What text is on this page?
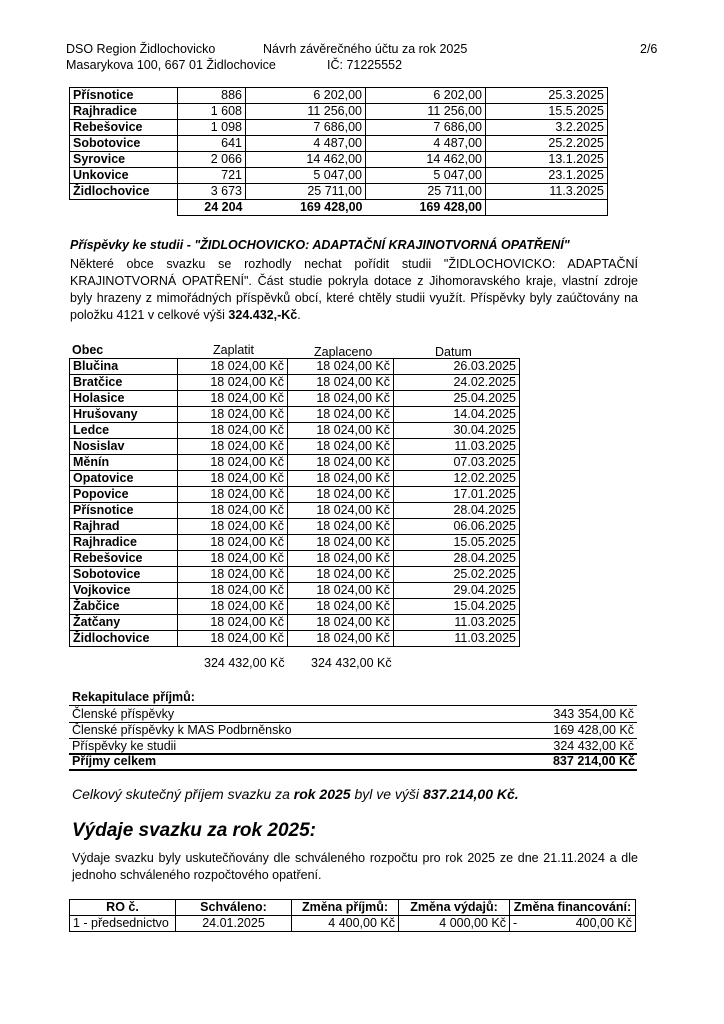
DSO Region Židlochovicko	Návrh závěrečného účtu za rok 2025	2/6
Masarykova 100, 667 01 Židlochovice	IČ: 71225552
Přísnotice	886	6 202,00	6 202,00	25.3.2025
Rajhradice	1 608	11 256,00	11 256,00	15.5.2025
Rebešovice	1 098	7 686,00	7 686,00	3.2.2025
Sobotovice	641	4 487,00	4 487,00	25.2.2025
Syrovice	2 066	14 462,00	14 462,00	13.1.2025
Unkovice	721	5 047,00	5 047,00	23.1.2025
Židlochovice	3 673	25 711,00	25 711,00	11.3.2025
	24 204	169 428,00	169 428,00	
Příspěvky ke studii - "ŽIDLOCHOVICKO: ADAPTAČNÍ KRAJINOTVORNÁ OPATŘENÍ"
Některé obce svazku se rozhodly nechat pořídit studii "ŽIDLOCHOVICKO: ADAPTAČNÍ KRAJINOTVORNÁ OPATŘENÍ". Část studie pokryla dotace z Jihomoravského kraje, vlastní zdroje byly hrazeny z mimořádných příspěvků obcí, které chtěly studii využít. Příspěvky byly zaúčtovány na položku 4121 v celkové výši 324.432,-Kč.
Obec	Zaplatit	Zaplaceno	Datum
Blučina	18 024,00 Kč	18 024,00 Kč	26.03.2025
Bratčice	18 024,00 Kč	18 024,00 Kč	24.02.2025
Holasice	18 024,00 Kč	18 024,00 Kč	25.04.2025
Hrušovany	18 024,00 Kč	18 024,00 Kč	14.04.2025
Ledce	18 024,00 Kč	18 024,00 Kč	30.04.2025
Nosislav	18 024,00 Kč	18 024,00 Kč	11.03.2025
Měnín	18 024,00 Kč	18 024,00 Kč	07.03.2025
Opatovice	18 024,00 Kč	18 024,00 Kč	12.02.2025
Popovice	18 024,00 Kč	18 024,00 Kč	17.01.2025
Přísnotice	18 024,00 Kč	18 024,00 Kč	28.04.2025
Rajhrad	18 024,00 Kč	18 024,00 Kč	06.06.2025
Rajhradice	18 024,00 Kč	18 024,00 Kč	15.05.2025
Rebešovice	18 024,00 Kč	18 024,00 Kč	28.04.2025
Sobotovice	18 024,00 Kč	18 024,00 Kč	25.02.2025
Vojkovice	18 024,00 Kč	18 024,00 Kč	29.04.2025
Žabčice	18 024,00 Kč	18 024,00 Kč	15.04.2025
Žatčany	18 024,00 Kč	18 024,00 Kč	11.03.2025
Židlochovice	18 024,00 Kč	18 024,00 Kč	11.03.2025
324 432,00 Kč 324 432,00 Kč
Rekapitulace příjmů:
Členské příspěvky	343 354,00 Kč
Členské příspěvky k MAS Podbrněnsko	169 428,00 Kč
Příspěvky ke studii	324 432,00 Kč
Příjmy celkem	837 214,00 Kč
Celkový skutečný příjem svazku za rok 2025 byl ve výši 837.214,00 Kč.
Výdaje svazku za rok 2025:
Výdaje svazku byly uskutečňovány dle schváleného rozpočtu pro rok 2025 ze dne 21.11.2024 a dle jednoho schváleného rozpočtového opatření.
RO č.	Schváleno:	Změna příjmů:	Změna výdajů:	Změna financování:
1 - předsednictvo	24.01.2025	4 400,00 Kč	4 000,00 Kč	- 400,00 Kč
